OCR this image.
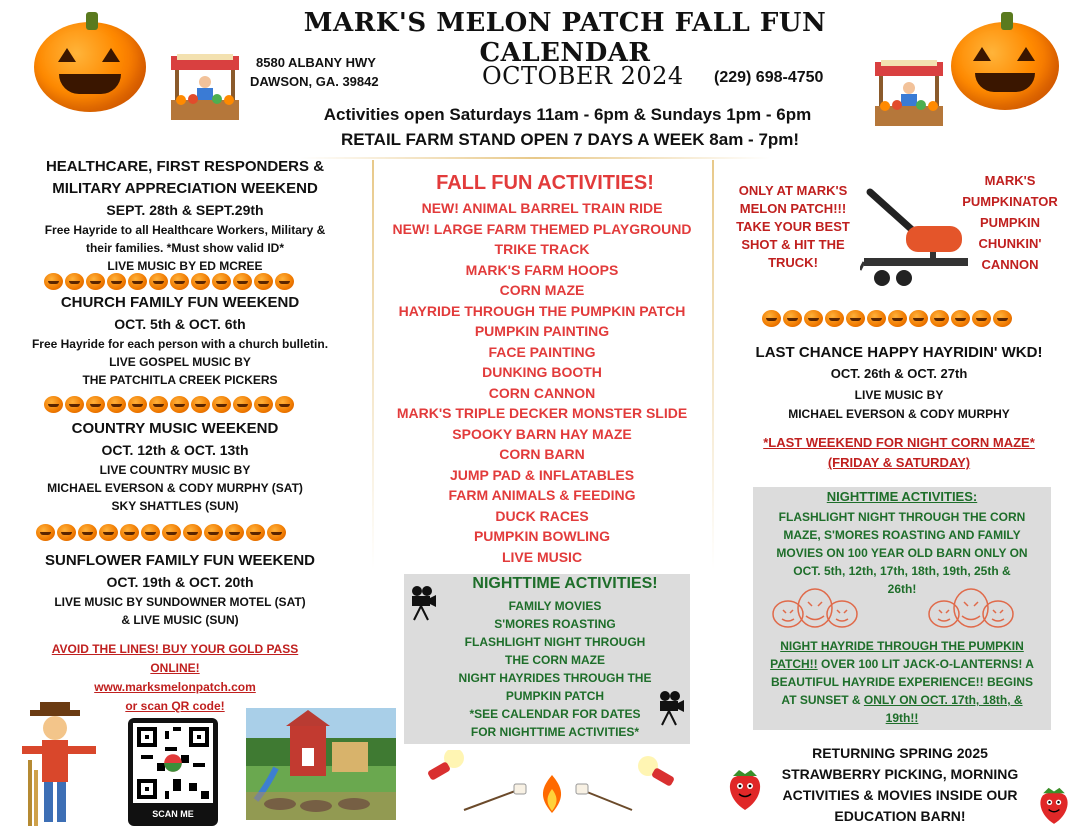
MARK'S MELON PATCH FALL FUN CALENDAR
8580 ALBANY HWY
DAWSON, GA. 39842	OCTOBER 2024 (229) 698-4750
Activities open Saturdays 11am - 6pm & Sundays 1pm - 6pm
RETAIL FARM STAND OPEN 7 DAYS A WEEK 8am - 7pm!
HEALTHCARE, FIRST RESPONDERS &
MILITARY APPRECIATION WEEKEND
SEPT. 28th & SEPT.29th
Free Hayride to all Healthcare Workers, Military &
their families. *Must show valid ID*
LIVE MUSIC BY ED MCREE
CHURCH FAMILY FUN WEEKEND
OCT. 5th & OCT. 6th
Free Hayride for each person with a church bulletin.
LIVE GOSPEL MUSIC BY
THE PATCHITLA CREEK PICKERS
COUNTRY MUSIC WEEKEND
OCT. 12th & OCT. 13th
LIVE COUNTRY MUSIC BY
MICHAEL EVERSON & CODY MURPHY (SAT)
SKY SHATTLES (SUN)
SUNFLOWER FAMILY FUN WEEKEND
OCT. 19th & OCT. 20th
LIVE MUSIC BY SUNDOWNER MOTEL (SAT)
& LIVE MUSIC (SUN)
AVOID THE LINES! BUY YOUR GOLD PASS
ONLINE!
www.marksmelonpatch.com
or scan QR code!
SCAN ME
FALL FUN ACTIVITIES!
NEW! ANIMAL BARREL TRAIN RIDE
NEW! LARGE FARM THEMED PLAYGROUND
TRIKE TRACK
MARK'S FARM HOOPS
CORN MAZE
HAYRIDE THROUGH THE PUMPKIN PATCH
PUMPKIN PAINTING
FACE PAINTING
DUNKING BOOTH
CORN CANNON
MARK'S TRIPLE DECKER MONSTER SLIDE
SPOOKY BARN HAY MAZE
CORN BARN
JUMP PAD & INFLATABLES
FARM ANIMALS & FEEDING
DUCK RACES
PUMPKIN BOWLING
LIVE MUSIC
NIGHTTIME ACTIVITIES!
FAMILY MOVIES
S'MORES ROASTING
FLASHLIGHT NIGHT THROUGH
THE CORN MAZE
NIGHT HAYRIDES THROUGH THE
PUMPKIN PATCH
*SEE CALENDAR FOR DATES
FOR NIGHTTIME ACTIVITIES*
ONLY AT MARK'S
MELON PATCH!!!
TAKE YOUR BEST
SHOT & HIT THE
TRUCK!
MARK'S
PUMPKINATOR
PUMPKIN
CHUNKIN'
CANNON
LAST CHANCE HAPPY HAYRIDIN' WKD!
OCT. 26th & OCT. 27th
LIVE MUSIC BY
MICHAEL EVERSON & CODY MURPHY
*LAST WEEKEND FOR NIGHT CORN MAZE*
(FRIDAY & SATURDAY)
NIGHTTIME ACTIVITIES:
FLASHLIGHT NIGHT THROUGH THE CORN
MAZE, S'MORES ROASTING AND FAMILY
MOVIES ON 100 YEAR OLD BARN ONLY ON
OCT. 5th, 12th, 17th, 18th, 19th, 25th &
26th!
NIGHT HAYRIDE THROUGH THE PUMPKIN
PATCH!! OVER 100 LIT JACK-O-LANTERNS! A
BEAUTIFUL HAYRIDE EXPERIENCE!! BEGINS
AT SUNSET & ONLY ON OCT. 17th, 18th, &
19th!!
RETURNING SPRING 2025
STRAWBERRY PICKING, MORNING
ACTIVITIES & MOVIES INSIDE OUR
EDUCATION BARN!
